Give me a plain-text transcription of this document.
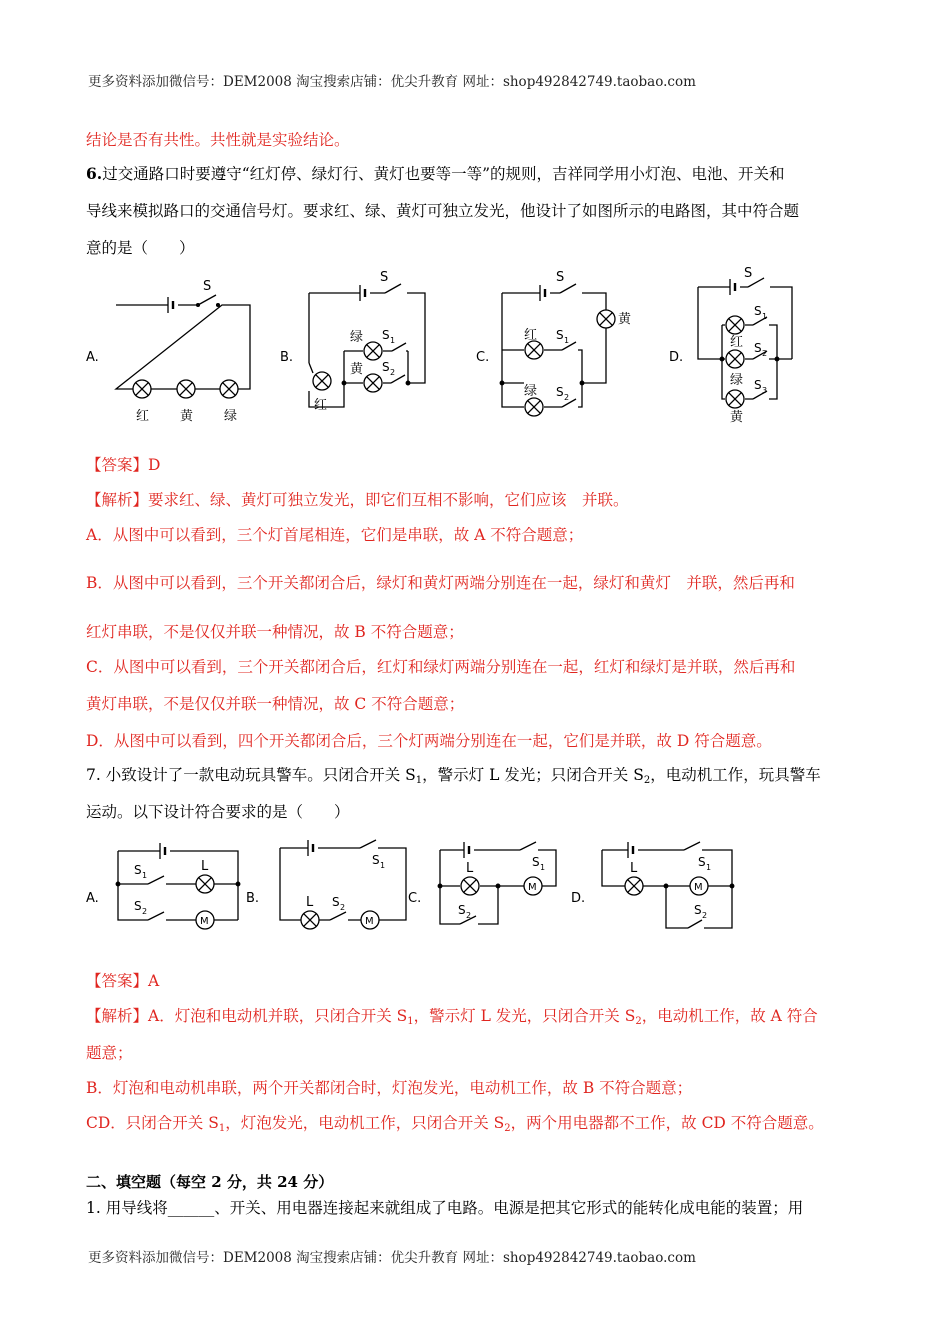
更多资料添加微信号：DEM2008 淘宝搜索店铺：优尖升教育 网址：shop492842749.taobao.com
结论是否有共性。共性就是实验结论。
6.过交通路口时要遵守“红灯停、绿灯行、黄灯也要等一等”的规则，吉祥同学用小灯泡、电池、开关和
导线来模拟路口的交通信号灯。要求红、绿、黄灯可独立发光，他设计了如图所示的电路图，其中符合题
意的是（　　）
A.
S
红 黄 绿
B.
S
红
绿
黄
S 1
S 2
C.
S
黄
红
绿
S 1
S 2
D.
S
红
绿
黄
S 1
S 2
S 3
【答案】D
【解析】要求红、绿、黄灯可独立发光，即它们互相不影响，它们应该　并联。
A．从图中可以看到，三个灯首尾相连，它们是串联，故 A 不符合题意；
B．从图中可以看到，三个开关都闭合后，绿灯和黄灯两端分别连在一起，绿灯和黄灯　并联，然后再和
红灯串联，不是仅仅并联一种情况，故 B 不符合题意；
C．从图中可以看到，三个开关都闭合后，红灯和绿灯两端分别连在一起，红灯和绿灯是并联，然后再和
黄灯串联，不是仅仅并联一种情况，故 C 不符合题意；
D．从图中可以看到，四个开关都闭合后，三个灯两端分别连在一起，它们是并联，故 D 符合题意。
7. 小致设计了一款电动玩具警车。只闭合开关 $S_1$，警示灯 L 发光；只闭合开关 $S_2$，电动机工作，玩具警车
运动。以下设计符合要求的是（　　）
M
A.
S 1
S 2
L
B.
S 1
L S 2
C.
S 1
L
S 2
D.
S 1
L
S 2
【答案】A
【解析】A．灯泡和电动机并联，只闭合开关 $S_1$，警示灯 L 发光，只闭合开关 $S_2$，电动机工作，故 A 符合
题意；
B．灯泡和电动机串联，两个开关都闭合时，灯泡发光，电动机工作，故 B 不符合题意；
CD．只闭合开关 $S_1$，灯泡发光，电动机工作，只闭合开关 $S_2$，两个用电器都不工作，故 CD 不符合题意。
二、填空题（每空 2 分，共 24 分）
1. 用导线将______、开关、用电器连接起来就组成了电路。电源是把其它形式的能转化成电能的装置；用
更多资料添加微信号：DEM2008 淘宝搜索店铺：优尖升教育 网址：shop492842749.taobao.com
